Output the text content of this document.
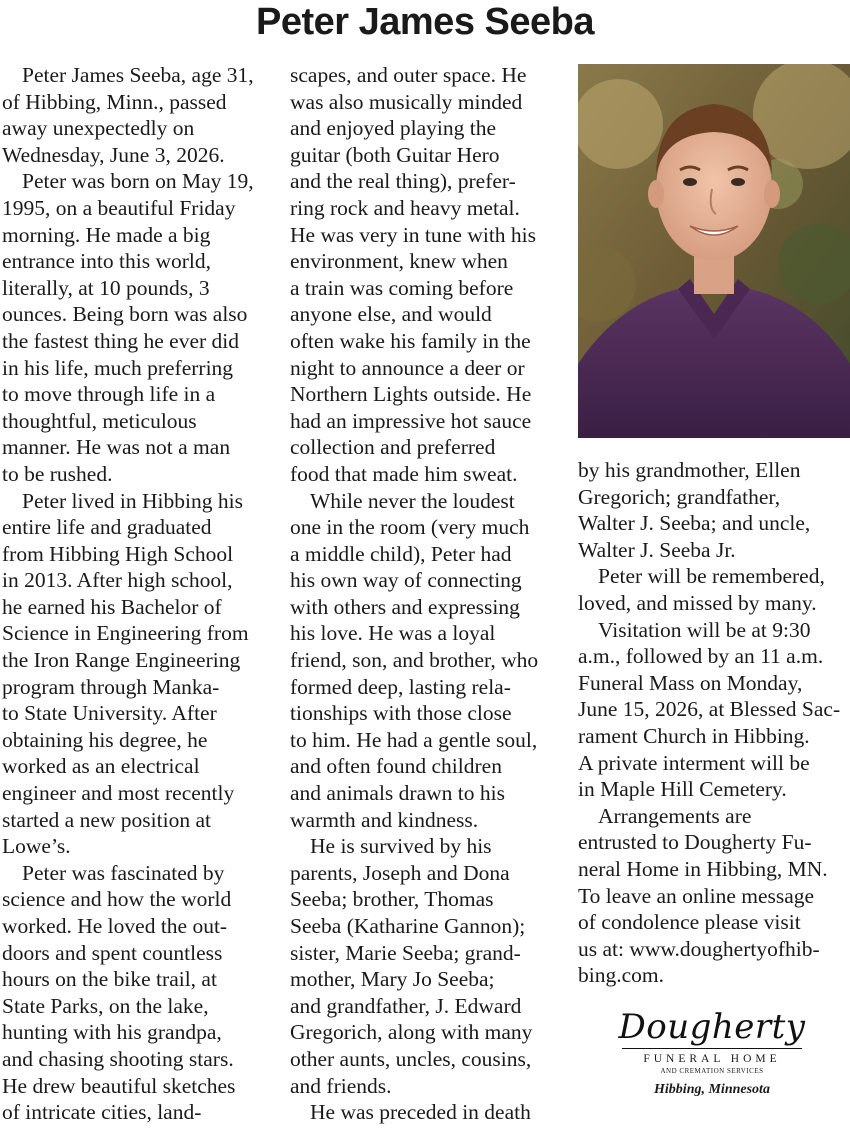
Peter James Seeba

Peter James Seeba, age 31,
of Hibbing, Minn., passed
away unexpectedly on
Wednesday, June 3, 2026.

Peter was born on May 19,
1995, on a beautiful Friday
morning. He made a big
entrance into this world,
literally, at 10 pounds, 3
ounces. Being born was also
the fastest thing he ever did
in his life, much preferring
to move through life in a
thoughtful, meticulous
manner. He was not a man
to be rushed.

Peter lived in Hibbing his
entire life and graduated
from Hibbing High School
in 2013. After high school,
he earned his Bachelor of
Science in Engineering from
the Iron Range Engineering
program through Manka-
to State University. After
obtaining his degree, he
worked as an electrical
engineer and most recently
started a new position at
Lowe’s.

Peter was fascinated by
science and how the world
worked. He loved the out-
doors and spent countless
hours on the bike trail, at
State Parks, on the lake,
hunting with his grandpa,
and chasing shooting stars.
He drew beautiful sketches
of intricate cities, land-

scapes, and outer space. He
was also musically minded
and enjoyed playing the
guitar (both Guitar Hero
and the real thing), prefer-
ring rock and heavy metal.
He was very in tune with his
environment, knew when
a train was coming before
anyone else, and would
often wake his family in the
night to announce a deer or
Northern Lights outside. He
had an impressive hot sauce
collection and preferred
food that made him sweat.

While never the loudest
one in the room (very much
a middle child), Peter had
his own way of connecting
with others and expressing
his love. He was a loyal
friend, son, and brother, who
formed deep, lasting rela-
tionships with those close
to him. He had a gentle soul,
and often found children
and animals drawn to his
warmth and kindness.

He is survived by his
parents, Joseph and Dona
Seeba; brother, Thomas
Seeba (Katharine Gannon);
sister, Marie Seeba; grand-
mother, Mary Jo Seeba;
and grandfather, J. Edward
Gregorich, along with many
other aunts, uncles, cousins,
and friends.

He was preceded in death

by his grandmother, Ellen
Gregorich; grandfather,
Walter J. Seeba; and uncle,
Walter J. Seeba Jr.

Peter will be remembered,
loved, and missed by many.

Visitation will be at 9:30
a.m., followed by an 11 a.m.
Funeral Mass on Monday,
June 15, 2026, at Blessed Sac-
rament Church in Hibbing.
A private interment will be
in Maple Hill Cemetery.

Arrangements are
entrusted to Dougherty Fu-
neral Home in Hibbing, MN.
To leave an online message
of condolence please visit
us at: www.doughertyofhib-
bing.com.

Dougherty
FUNERAL HOME
AND CREMATION SERVICES
Hibbing, Minnesota
